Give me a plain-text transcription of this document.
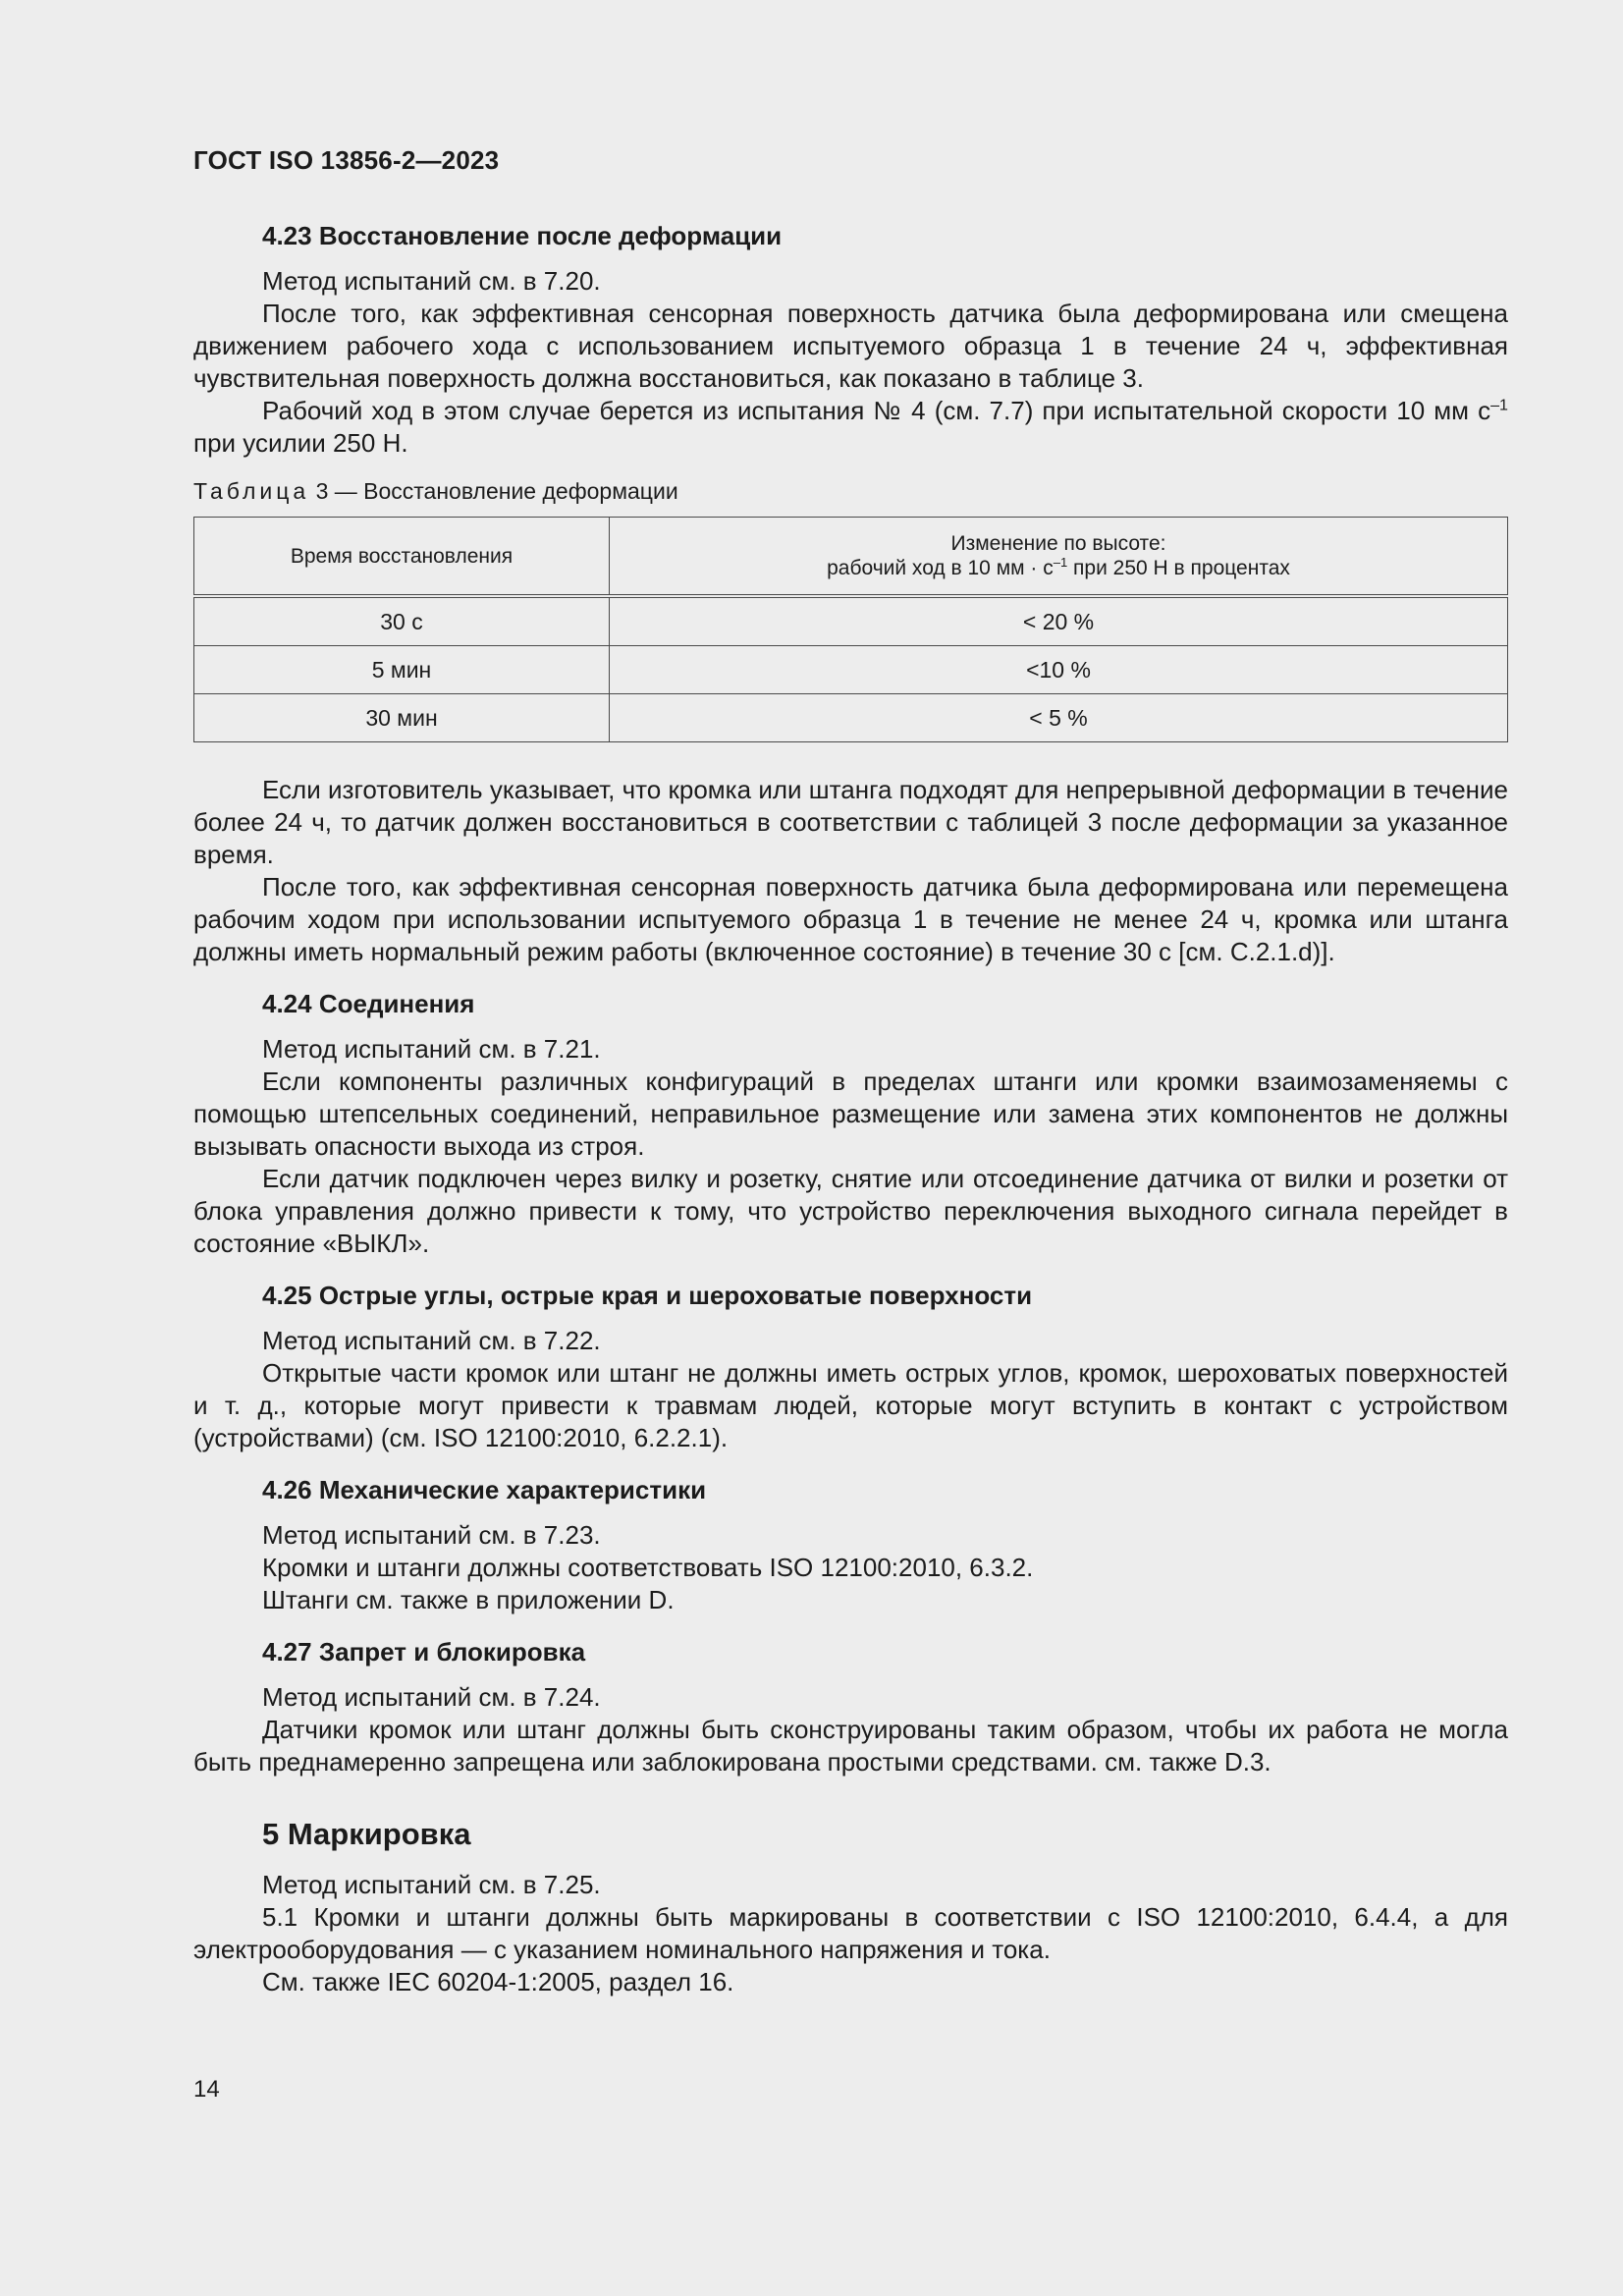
ГОСТ ISO 13856-2—2023
4.23 Восстановление после деформации

Метод испытаний см. в 7.20.

После того, как эффективная сенсорная поверхность датчика была деформирована или смещена движением рабочего хода с использованием испытуемого образца 1 в течение 24 ч, эффективная чувствительная поверхность должна восстановиться, как показано в таблице 3.

Рабочий ход в этом случае берется из испытания № 4 (см. 7.7) при испытательной скорости 10 мм $с^{-1}$ при усилии 250 Н.

Таблица 3 — Восстановление деформации
Время восстановления	Изменение по высоте:
рабочий ход в 10 мм · $с^{-1}$ при 250 Н в процентах
30 с	< 20 %
5 мин	<10 %
30 мин	< 5 %

Если изготовитель указывает, что кромка или штанга подходят для непрерывной деформации в течение более 24 ч, то датчик должен восстановиться в соответствии с таблицей 3 после деформации за указанное время.

После того, как эффективная сенсорная поверхность датчика была деформирована или перемещена рабочим ходом при использовании испытуемого образца 1 в течение не менее 24 ч, кромка или штанга должны иметь нормальный режим работы (включенное состояние) в течение 30 с [см. C.2.1.d)].

4.24 Соединения

Метод испытаний см. в 7.21.

Если компоненты различных конфигураций в пределах штанги или кромки взаимозаменяемы с помощью штепсельных соединений, неправильное размещение или замена этих компонентов не должны вызывать опасности выхода из строя.

Если датчик подключен через вилку и розетку, снятие или отсоединение датчика от вилки и розетки от блока управления должно привести к тому, что устройство переключения выходного сигнала перейдет в состояние «ВЫКЛ».

4.25 Острые углы, острые края и шероховатые поверхности

Метод испытаний см. в 7.22.

Открытые части кромок или штанг не должны иметь острых углов, кромок, шероховатых поверхностей и т. д., которые могут привести к травмам людей, которые могут вступить в контакт с устройством (устройствами) (см. ISO 12100:2010, 6.2.2.1).

4.26 Механические характеристики

Метод испытаний см. в 7.23.

Кромки и штанги должны соответствовать ISO 12100:2010, 6.3.2.

Штанги см. также в приложении D.

4.27 Запрет и блокировка

Метод испытаний см. в 7.24.

Датчики кромок или штанг должны быть сконструированы таким образом, чтобы их работа не могла быть преднамеренно запрещена или заблокирована простыми средствами. см. также D.3.

5 Маркировка

Метод испытаний см. в 7.25.

5.1 Кромки и штанги должны быть маркированы в соответствии с ISO 12100:2010, 6.4.4, а для электрооборудования — с указанием номинального напряжения и тока.

См. также IEC 60204-1:2005, раздел 16.

14
